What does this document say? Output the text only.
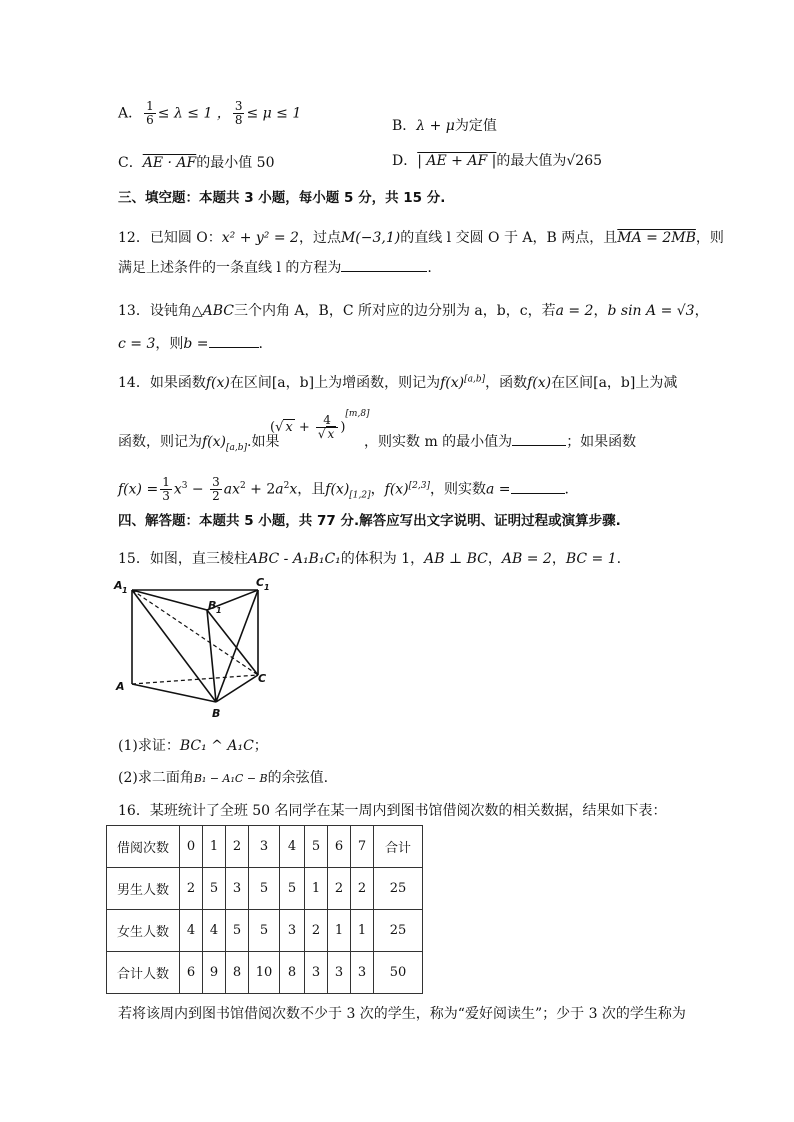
A． $\frac{1}{6} \le \lambda \le 1$ ， $\frac{3}{8} \le \mu \le 1$
B．λ + μ为定值
C．AE · AF的最小值 50	D．| AE + AF |的最大值为√265
三、填空题：本题共 3 小题，每小题 5 分，共 15 分.
12．已知圆 O：x² + y² = 2，过点M(−3,1)的直线 l 交圆 O 于 A，B 两点，且MA = 2MB，则
满足上述条件的一条直线 l 的方程为	.
13．设钝角△ABC三个内角 A，B，C 所对应的边分别为 a，b，c，若a = 2，b sin A = √3，
c = 3，则b =	.
14．如果函数f(x)在区间[a，b]上为增函数，则记为f(x)[a,b]，函数f(x)在区间[a，b]上为减
(√ $x + \frac{4}{√ x} )[m,8]$
函数，则记为$f(x)_{[a,b]}$.如果	，则实数 m 的最小值为	；如果函数
$f(x) = \frac{1}{3} x^3 - \frac{3}{2} ax^2 + 2a^2x$，且$f(x)_{[1,2]}$，f(x)[2,3]，则实数a =	.
四、解答题：本题共 5 小题，共 77 分.解答应写出文字说明、证明过程或演算步骤.
15．如图，直三棱柱ABC - A₁B₁C₁的体积为 1，AB ⊥ BC，AB = 2，BC = 1.
A 1
C 1
B 1
A
C
B
(1)求证：BC₁ ^ A₁C；
(2)求二面角B₁ − A₁C − B的余弦值.
16．某班统计了全班 50 名同学在某一周内到图书馆借阅次数的相关数据，结果如下表：
借阅次数	0	1	2	3	4	5	6	7	合计
男生人数	2	5	3	5	5	1	2	2	25
女生人数	4	4	5	5	3	2	1	1	25
合计人数	6	9	8	10	8	3	3	3	50
若将该周内到图书馆借阅次数不少于 3 次的学生，称为“爱好阅读生”；少于 3 次的学生称为
